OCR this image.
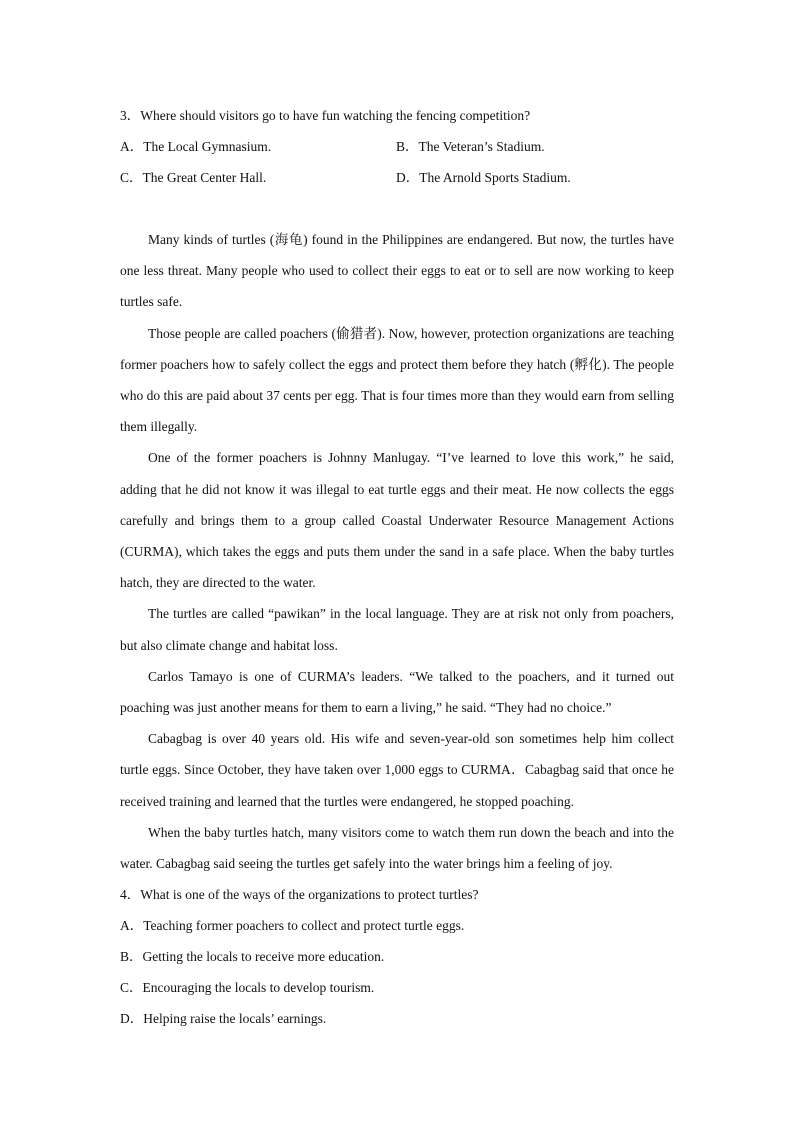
3．Where should visitors go to have fun watching the fencing competition?

A．The Local Gymnasium.	B．The Veteran’s Stadium.
C．The Great Center Hall.	D．The Arnold Sports Stadium.

Many kinds of turtles (海龟) found in the Philippines are endangered. But now, the turtles have one less threat. Many people who used to collect their eggs to eat or to sell are now working to keep turtles safe.

Those people are called poachers (偷猎者). Now, however, protection organizations are teaching former poachers how to safely collect the eggs and protect them before they hatch (孵化). The people who do this are paid about 37 cents per egg. That is four times more than they would earn from selling them illegally.

One of the former poachers is Johnny Manlugay. “I’ve learned to love this work,” he said, adding that he did not know it was illegal to eat turtle eggs and their meat. He now collects the eggs carefully and brings them to a group called Coastal Underwater Resource Management Actions (CURMA), which takes the eggs and puts them under the sand in a safe place. When the baby turtles hatch, they are directed to the water.

The turtles are called “pawikan” in the local language. They are at risk not only from poachers, but also climate change and habitat loss.

Carlos Tamayo is one of CURMA’s leaders. “We talked to the poachers, and it turned out poaching was just another means for them to earn a living,” he said. “They had no choice.”

Cabagbag is over 40 years old. His wife and seven-year-old son sometimes help him collect turtle eggs. Since October, they have taken over 1,000 eggs to CURMA．Cabagbag said that once he received training and learned that the turtles were endangered, he stopped poaching.

When the baby turtles hatch, many visitors come to watch them run down the beach and into the water. Cabagbag said seeing the turtles get safely into the water brings him a feeling of joy.

4．What is one of the ways of the organizations to protect turtles?

A．Teaching former poachers to collect and protect turtle eggs.

B．Getting the locals to receive more education.

C．Encouraging the locals to develop tourism.

D．Helping raise the locals’ earnings.
